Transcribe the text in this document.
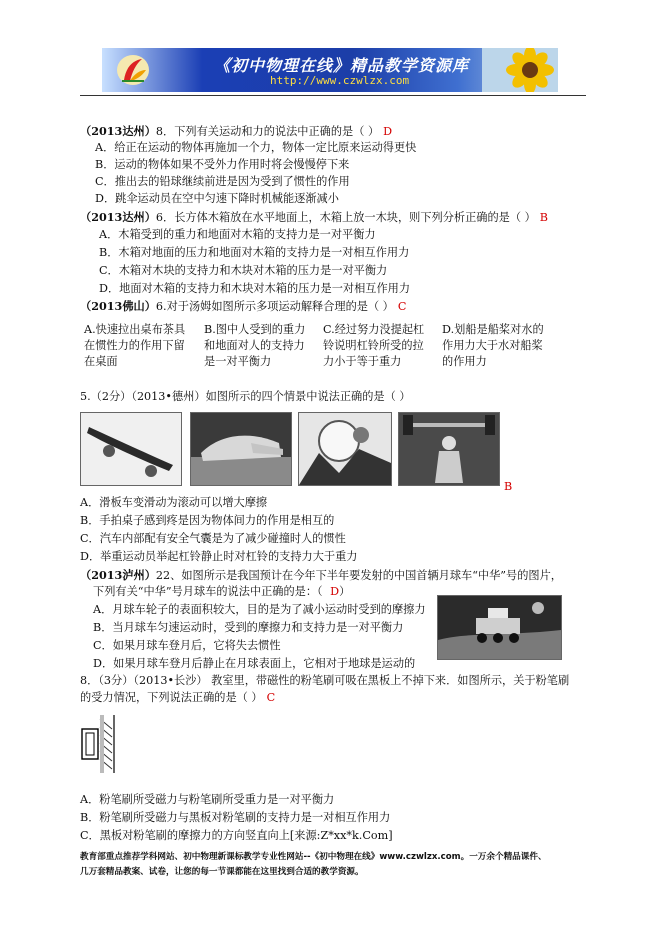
《初中物理在线》精品教学资源库
http://www.czwlzx.com
（2013达州）8．下列有关运动和力的说法中正确的是（ ） D
A．给正在运动的物体再施加一个力，物体一定比原来运动得更快
B．运动的物体如果不受外力作用时将会慢慢停下来
C．推出去的铅球继续前进是因为受到了惯性的作用
D．跳伞运动员在空中匀速下降时机械能逐渐减小
（2013达州）6．长方体木箱放在水平地面上，木箱上放一木块，则下列分析正确的是（ ） B
A．木箱受到的重力和地面对木箱的支持力是一对平衡力
B．木箱对地面的压力和地面对木箱的支持力是一对相互作用力
C．木箱对木块的支持力和木块对木箱的压力是一对平衡力
D．地面对木箱的支持力和木块对木箱的压力是一对相互作用力
（2013佛山）6.对于汤姆如图所示多项运动解释合理的是（ ） C
A.快速拉出桌布茶具
在惯性力的作用下留
在桌面
B.图中人受到的重力
和地面对人的支持力
是一对平衡力
C.经过努力没提起杠
铃说明杠铃所受的拉
力小于等于重力
D.划船是船桨对水的
作用力大于水对船桨
的作用力
5.（2分）（2013•德州）如图所示的四个情景中说法正确的是（ ）
B
A．滑板车变滑动为滚动可以增大摩擦
B．手拍桌子感到疼是因为物体间力的作用是相互的
C．汽车内部配有安全气囊是为了减少碰撞时人的惯性
D．举重运动员举起杠铃静止时对杠铃的支持力大于重力
（2013泸州）22、如图所示是我国预计在今年下半年要发射的中国首辆月球车“中华”号的图片，
下列有关“中华”号月球车的说法中正确的是：（ D）
A．月球车轮子的表面积较大，目的是为了减小运动时受到的摩擦力
B．当月球车匀速运动时，受到的摩擦力和支持力是一对平衡力
C．如果月球车登月后，它将失去惯性
D．如果月球车登月后静止在月球表面上，它相对于地球是运动的
8．（3分）（2013•长沙） 教室里，带磁性的粉笔刷可吸在黑板上不掉下来．如图所示，关于粉笔刷
的受力情况，下列说法正确的是（ ） C
A．粉笔刷所受磁力与粉笔刷所受重力是一对平衡力
B．粉笔刷所受磁力与黑板对粉笔刷的支持力是一对相互作用力
C．黑板对粉笔刷的摩擦力的方向竖直向上[来源:Z*xx*k.Com]
教育部重点推荐学科网站、初中物理新课标教学专业性网站--《初中物理在线》www.czwlzx.com。一万余个精品课件、
几万套精品教案、试卷，让您的每一节课都能在这里找到合适的教学资源。
